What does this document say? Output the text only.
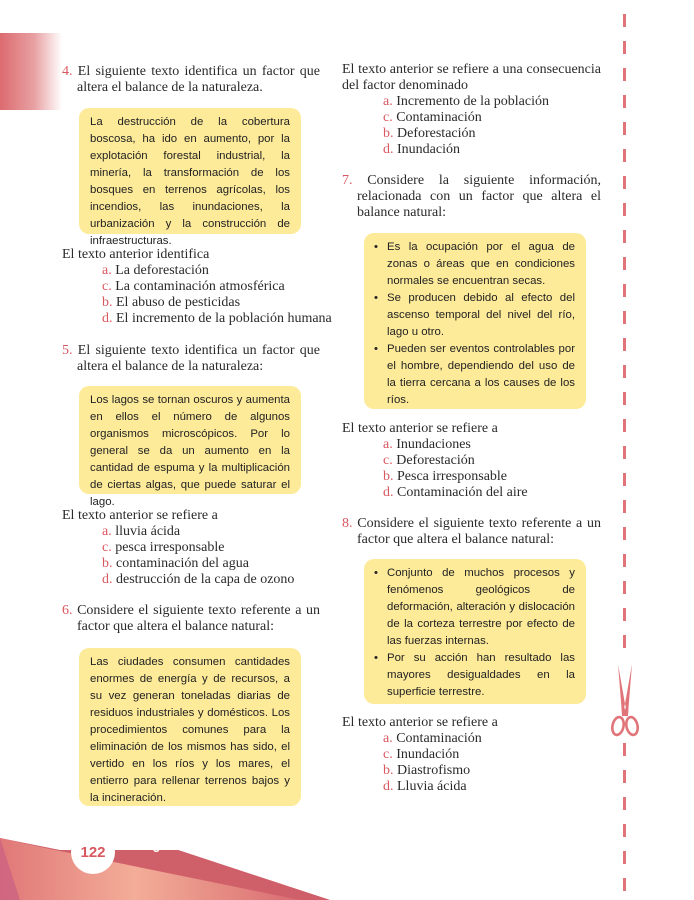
4. El siguiente texto identifica un factor que altera el balance de la naturaleza.
La destrucción de la cobertura boscosa, ha ido en aumento, por la explotación forestal industrial, la minería, la transformación de los bosques en terrenos agrícolas, los incendios, las inundaciones, la urbanización y la construcción de infraestructuras.
El texto anterior identifica
a. La deforestación
c. La contaminación atmosférica
b. El abuso de pesticidas
d. El incremento de la población humana
5. El siguiente texto identifica un factor que altera el balance de la naturaleza:
Los lagos se tornan oscuros y aumenta en ellos el número de algunos organismos microscópicos. Por lo general se da un aumento en la cantidad de espuma y la multiplicación de ciertas algas, que puede saturar el lago.
El texto anterior se refiere a
a. lluvia ácida
c. pesca irresponsable
b. contaminación del agua
d. destrucción de la capa de ozono
6. Considere el siguiente texto referente a un factor que altera el balance natural:
Las ciudades consumen cantidades enormes de energía y de recursos, a su vez generan toneladas diarias de residuos industriales y domésticos. Los procedimientos comunes para la eliminación de los mismos has sido, el vertido en los ríos y los mares, el entierro para rellenar terrenos bajos y la incineración.
El texto anterior se refiere a una consecuencia del factor denominado
a. Incremento de la población
c. Contaminación
b. Deforestación
d. Inundación
7. Considere la siguiente información, relacionada con un factor que altera el balance natural:
• Es la ocupación por el agua de zonas o áreas que en condiciones normales se encuentran secas.
• Se producen debido al efecto del ascenso temporal del nivel del río, lago u otro.
• Pueden ser eventos controlables por el hombre, dependiendo del uso de la tierra cercana a los causes de los ríos.
El texto anterior se refiere a
a. Inundaciones
c. Deforestación
b. Pesca irresponsable
d. Contaminación del aire
8. Considere el siguiente texto referente a un factor que altera el balance natural:
• Conjunto de muchos procesos y fenómenos geológicos de deformación, alteración y dislocación de la corteza terrestre por efecto de las fuerzas internas.
• Por su acción han resultado las mayores desigualdades en la superficie terrestre.
El texto anterior se refiere a
a. Contaminación
c. Inundación
b. Diastrofismo
d. Lluvia ácida
122	Biología 11$^o$
